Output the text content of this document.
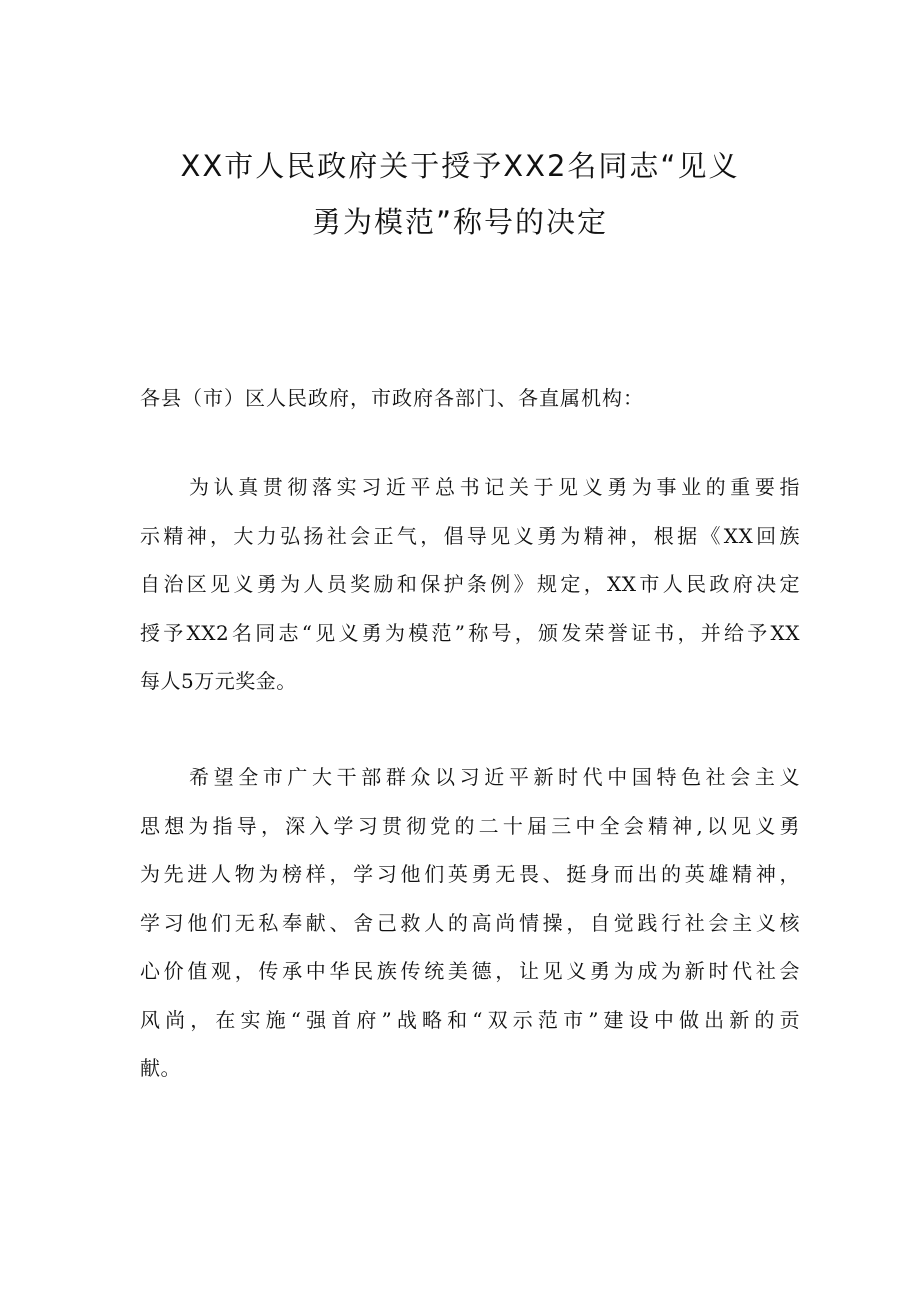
XX市人民政府关于授予XX2名同志“见义
勇为模范”称号的决定
各县（市）区人民政府，市政府各部门、各直属机构：
为认真贯彻落实习近平总书记关于见义勇为事业的重要指
示精神，大力弘扬社会正气，倡导见义勇为精神，根据《XX回族
自治区见义勇为人员奖励和保护条例》规定，XX市人民政府决定
授予XX2名同志“见义勇为模范”称号，颁发荣誉证书，并给予XX
每人5万元奖金。
希望全市广大干部群众以习近平新时代中国特色社会主义
思想为指导，深入学习贯彻党的二十届三中全会精神,以见义勇
为先进人物为榜样，学习他们英勇无畏、挺身而出的英雄精神，
学习他们无私奉献、舍己救人的高尚情操，自觉践行社会主义核
心价值观，传承中华民族传统美德，让见义勇为成为新时代社会
风尚，在实施“强首府”战略和“双示范市”建设中做出新的贡
献。
